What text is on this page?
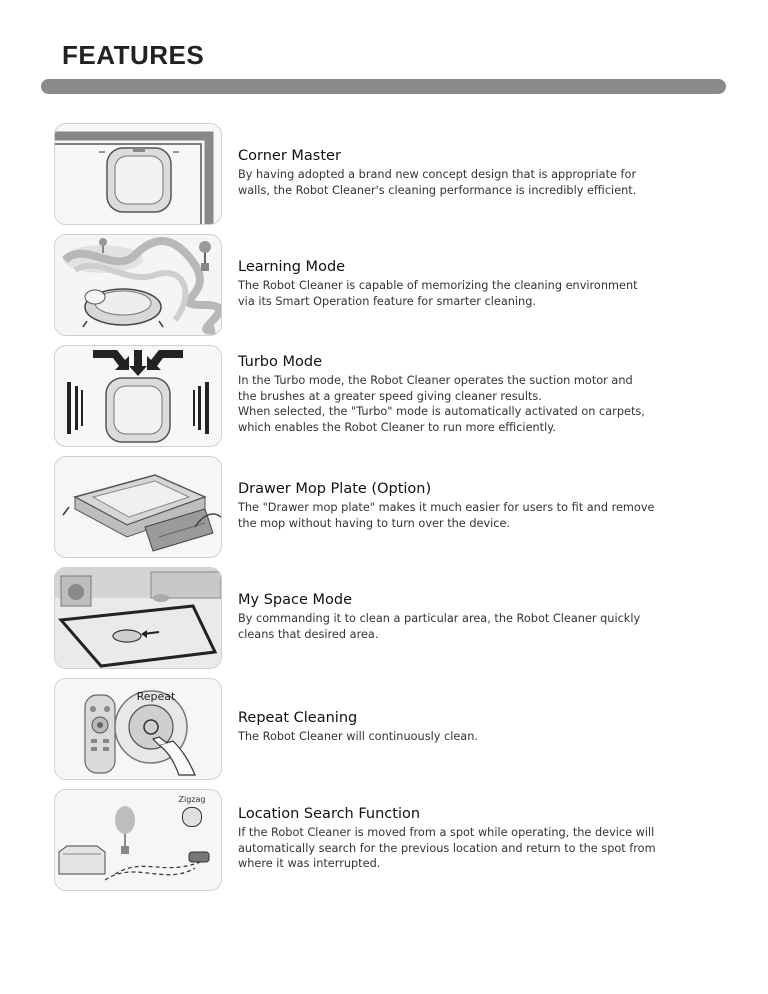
FEATURES
Corner Master
By having adopted a brand new concept design that is appropriate for
walls, the Robot Cleaner's cleaning performance is incredibly efficient.
Learning Mode
The Robot Cleaner is capable of memorizing the cleaning environment
via its Smart Operation feature for smarter cleaning.
Turbo Mode
In the Turbo mode, the Robot Cleaner operates the suction motor and
the brushes at a greater speed giving cleaner results.
When selected, the "Turbo" mode is automatically activated on carpets,
which enables the Robot Cleaner to run more efficiently.
Drawer Mop Plate (Option)
The "Drawer mop plate" makes it much easier for users to fit and remove
the mop without having to turn over the device.
My Space Mode
By commanding it to clean a particular area, the Robot Cleaner quickly
cleans that desired area.
Repeat
Repeat Cleaning
The Robot Cleaner will continuously clean.
Zigzag
Location Search Function
If the Robot Cleaner is moved from a spot while operating, the device will
automatically search for the previous location and return to the spot from
where it was interrupted.
